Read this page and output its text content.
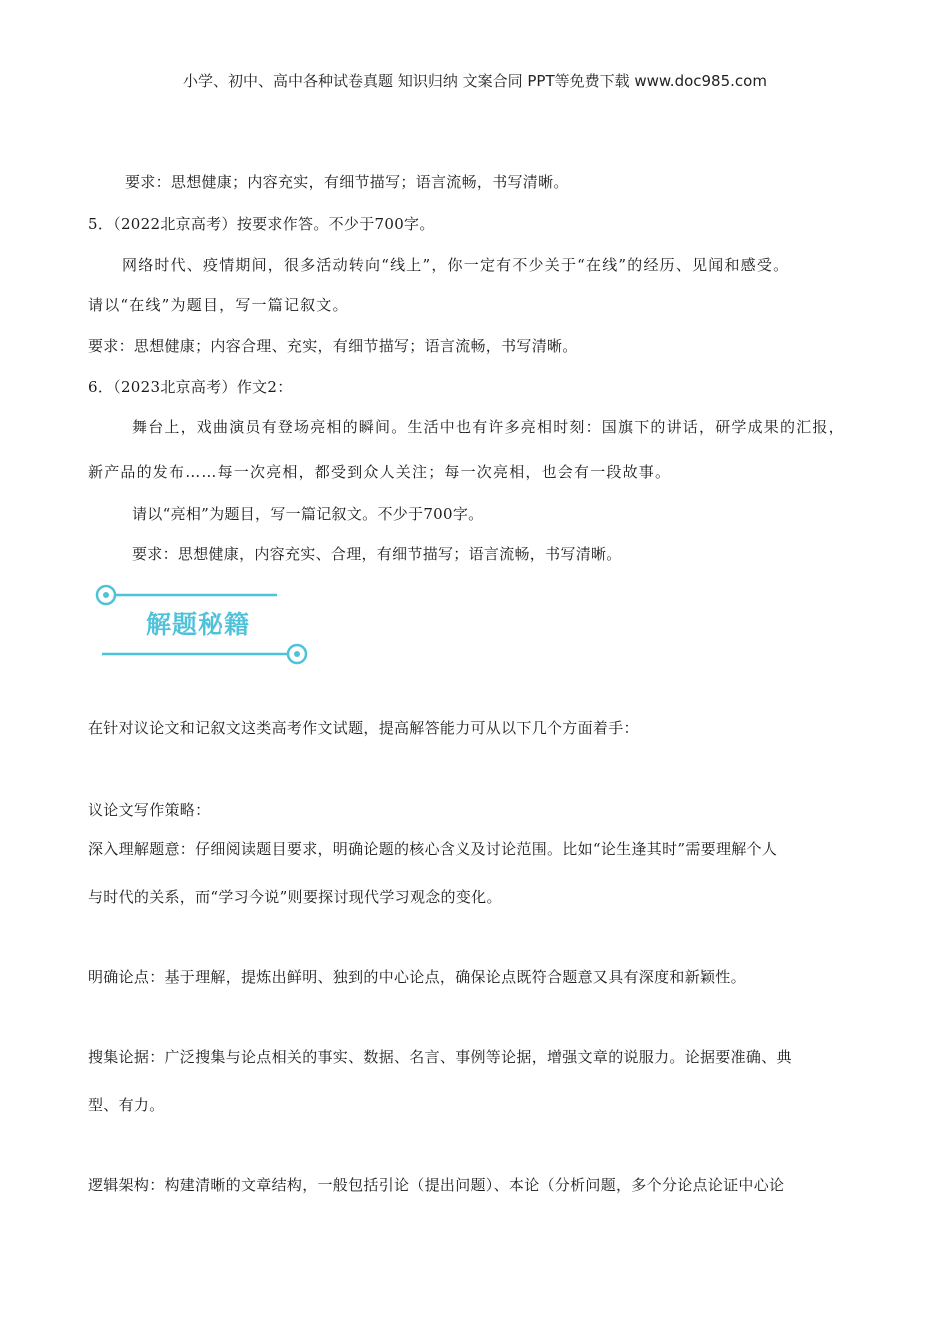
小学、初中、高中各种试卷真题 知识归纳 文案合同 PPT等免费下载 www.doc985.com
要求：思想健康；内容充实，有细节描写；语言流畅，书写清晰。
5．（2022北京高考）按要求作答。不少于700字。
网络时代、疫情期间，很多活动转向“线上”，你一定有不少关于“在线”的经历、见闻和感受。
请以“在线”为题目，写一篇记叙文。
要求：思想健康；内容合理、充实，有细节描写；语言流畅，书写清晰。
6．（2023北京高考）作文2：
舞台上，戏曲演员有登场亮相的瞬间。生活中也有许多亮相时刻：国旗下的讲话，研学成果的汇报，
新产品的发布……每一次亮相，都受到众人关注；每一次亮相，也会有一段故事。
请以“亮相”为题目，写一篇记叙文。不少于700字。
要求：思想健康，内容充实、合理，有细节描写；语言流畅，书写清晰。
解题秘籍
在针对议论文和记叙文这类高考作文试题，提高解答能力可从以下几个方面着手：
议论文写作策略：
深入理解题意：仔细阅读题目要求，明确论题的核心含义及讨论范围。比如“论生逢其时”需要理解个人
与时代的关系，而“学习今说”则要探讨现代学习观念的变化。
明确论点：基于理解，提炼出鲜明、独到的中心论点，确保论点既符合题意又具有深度和新颖性。
搜集论据：广泛搜集与论点相关的事实、数据、名言、事例等论据，增强文章的说服力。论据要准确、典
型、有力。
逻辑架构：构建清晰的文章结构，一般包括引论（提出问题）、本论（分析问题，多个分论点论证中心论
